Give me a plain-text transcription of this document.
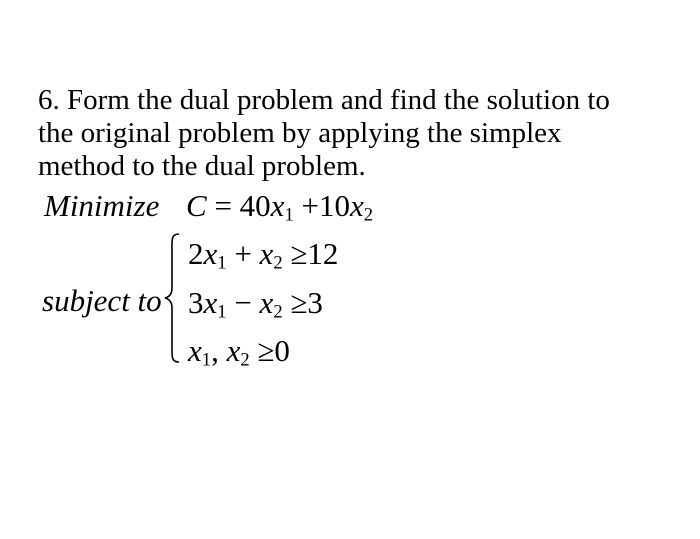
6. Form the dual problem and find the solution to
the original problem by applying the simplex
method to the dual problem.
Minimize $C = 40x_1 +10x_2$
subject to
$2x_1 + x_2 \ge 12$
$3x_1 - x_2 \ge 3$
$x_1$, $x_2 \ge 0$
